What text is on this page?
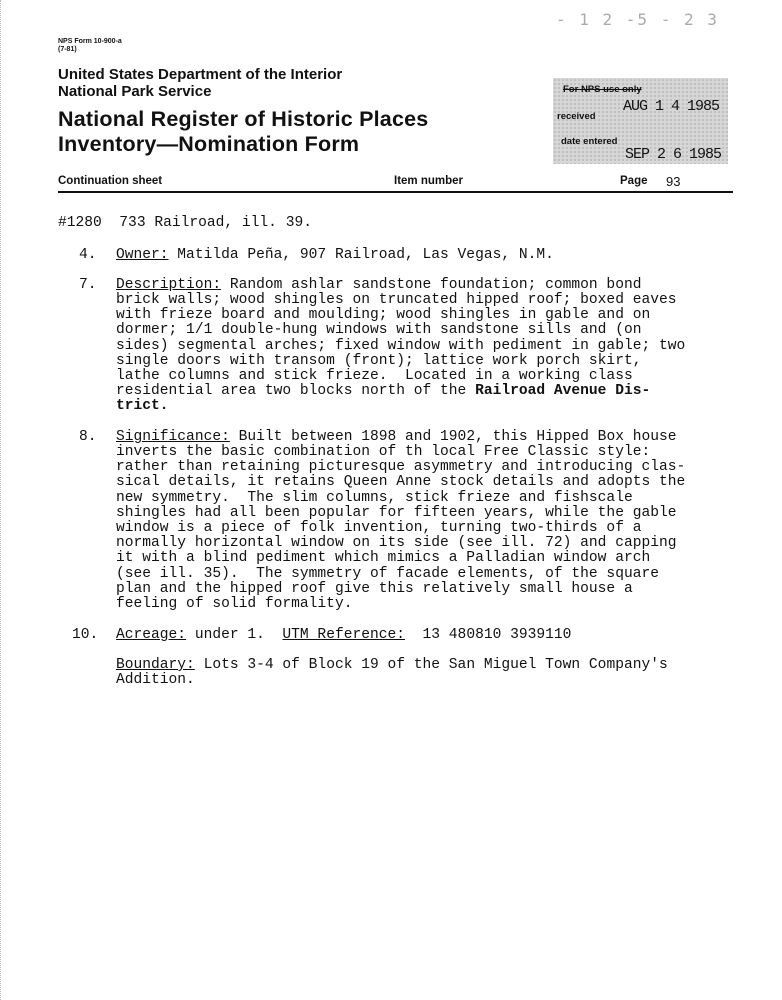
- 1 2 -5 - 2 3
NPS Form 10-900-a
(7-81)
United States Department of the Interior
National Park Service
National Register of Historic Places
Inventory—Nomination Form
For NPS use only
received
AUG 1 4 1985
date entered
SEP 2 6 1985
Continuation sheet	Item number	Page 93
#1280  733 Railroad, ill. 39.
4. Owner: Matilda Peña, 907 Railroad, Las Vegas, N.M.
7. Description: Random ashlar sandstone foundation; common bond
brick walls; wood shingles on truncated hipped roof; boxed eaves
with frieze board and moulding; wood shingles in gable and on
dormer; 1/1 double-hung windows with sandstone sills and (on
sides) segmental arches; fixed window with pediment in gable; two
single doors with transom (front); lattice work porch skirt,
lathe columns and stick frieze.  Located in a working class
residential area two blocks north of the Railroad Avenue Dis-
trict.
8. Significance: Built between 1898 and 1902, this Hipped Box house
inverts the basic combination of th local Free Classic style:
rather than retaining picturesque asymmetry and introducing clas-
sical details, it retains Queen Anne stock details and adopts the
new symmetry.  The slim columns, stick frieze and fishscale
shingles had all been popular for fifteen years, while the gable
window is a piece of folk invention, turning two-thirds of a
normally horizontal window on its side (see ill. 72) and capping
it with a blind pediment which mimics a Palladian window arch
(see ill. 35).  The symmetry of facade elements, of the square
plan and the hipped roof give this relatively small house a
feeling of solid formality.
10. Acreage: under 1.  UTM Reference:  13 480810 3939110
Boundary: Lots 3-4 of Block 19 of the San Miguel Town Company's
Addition.
